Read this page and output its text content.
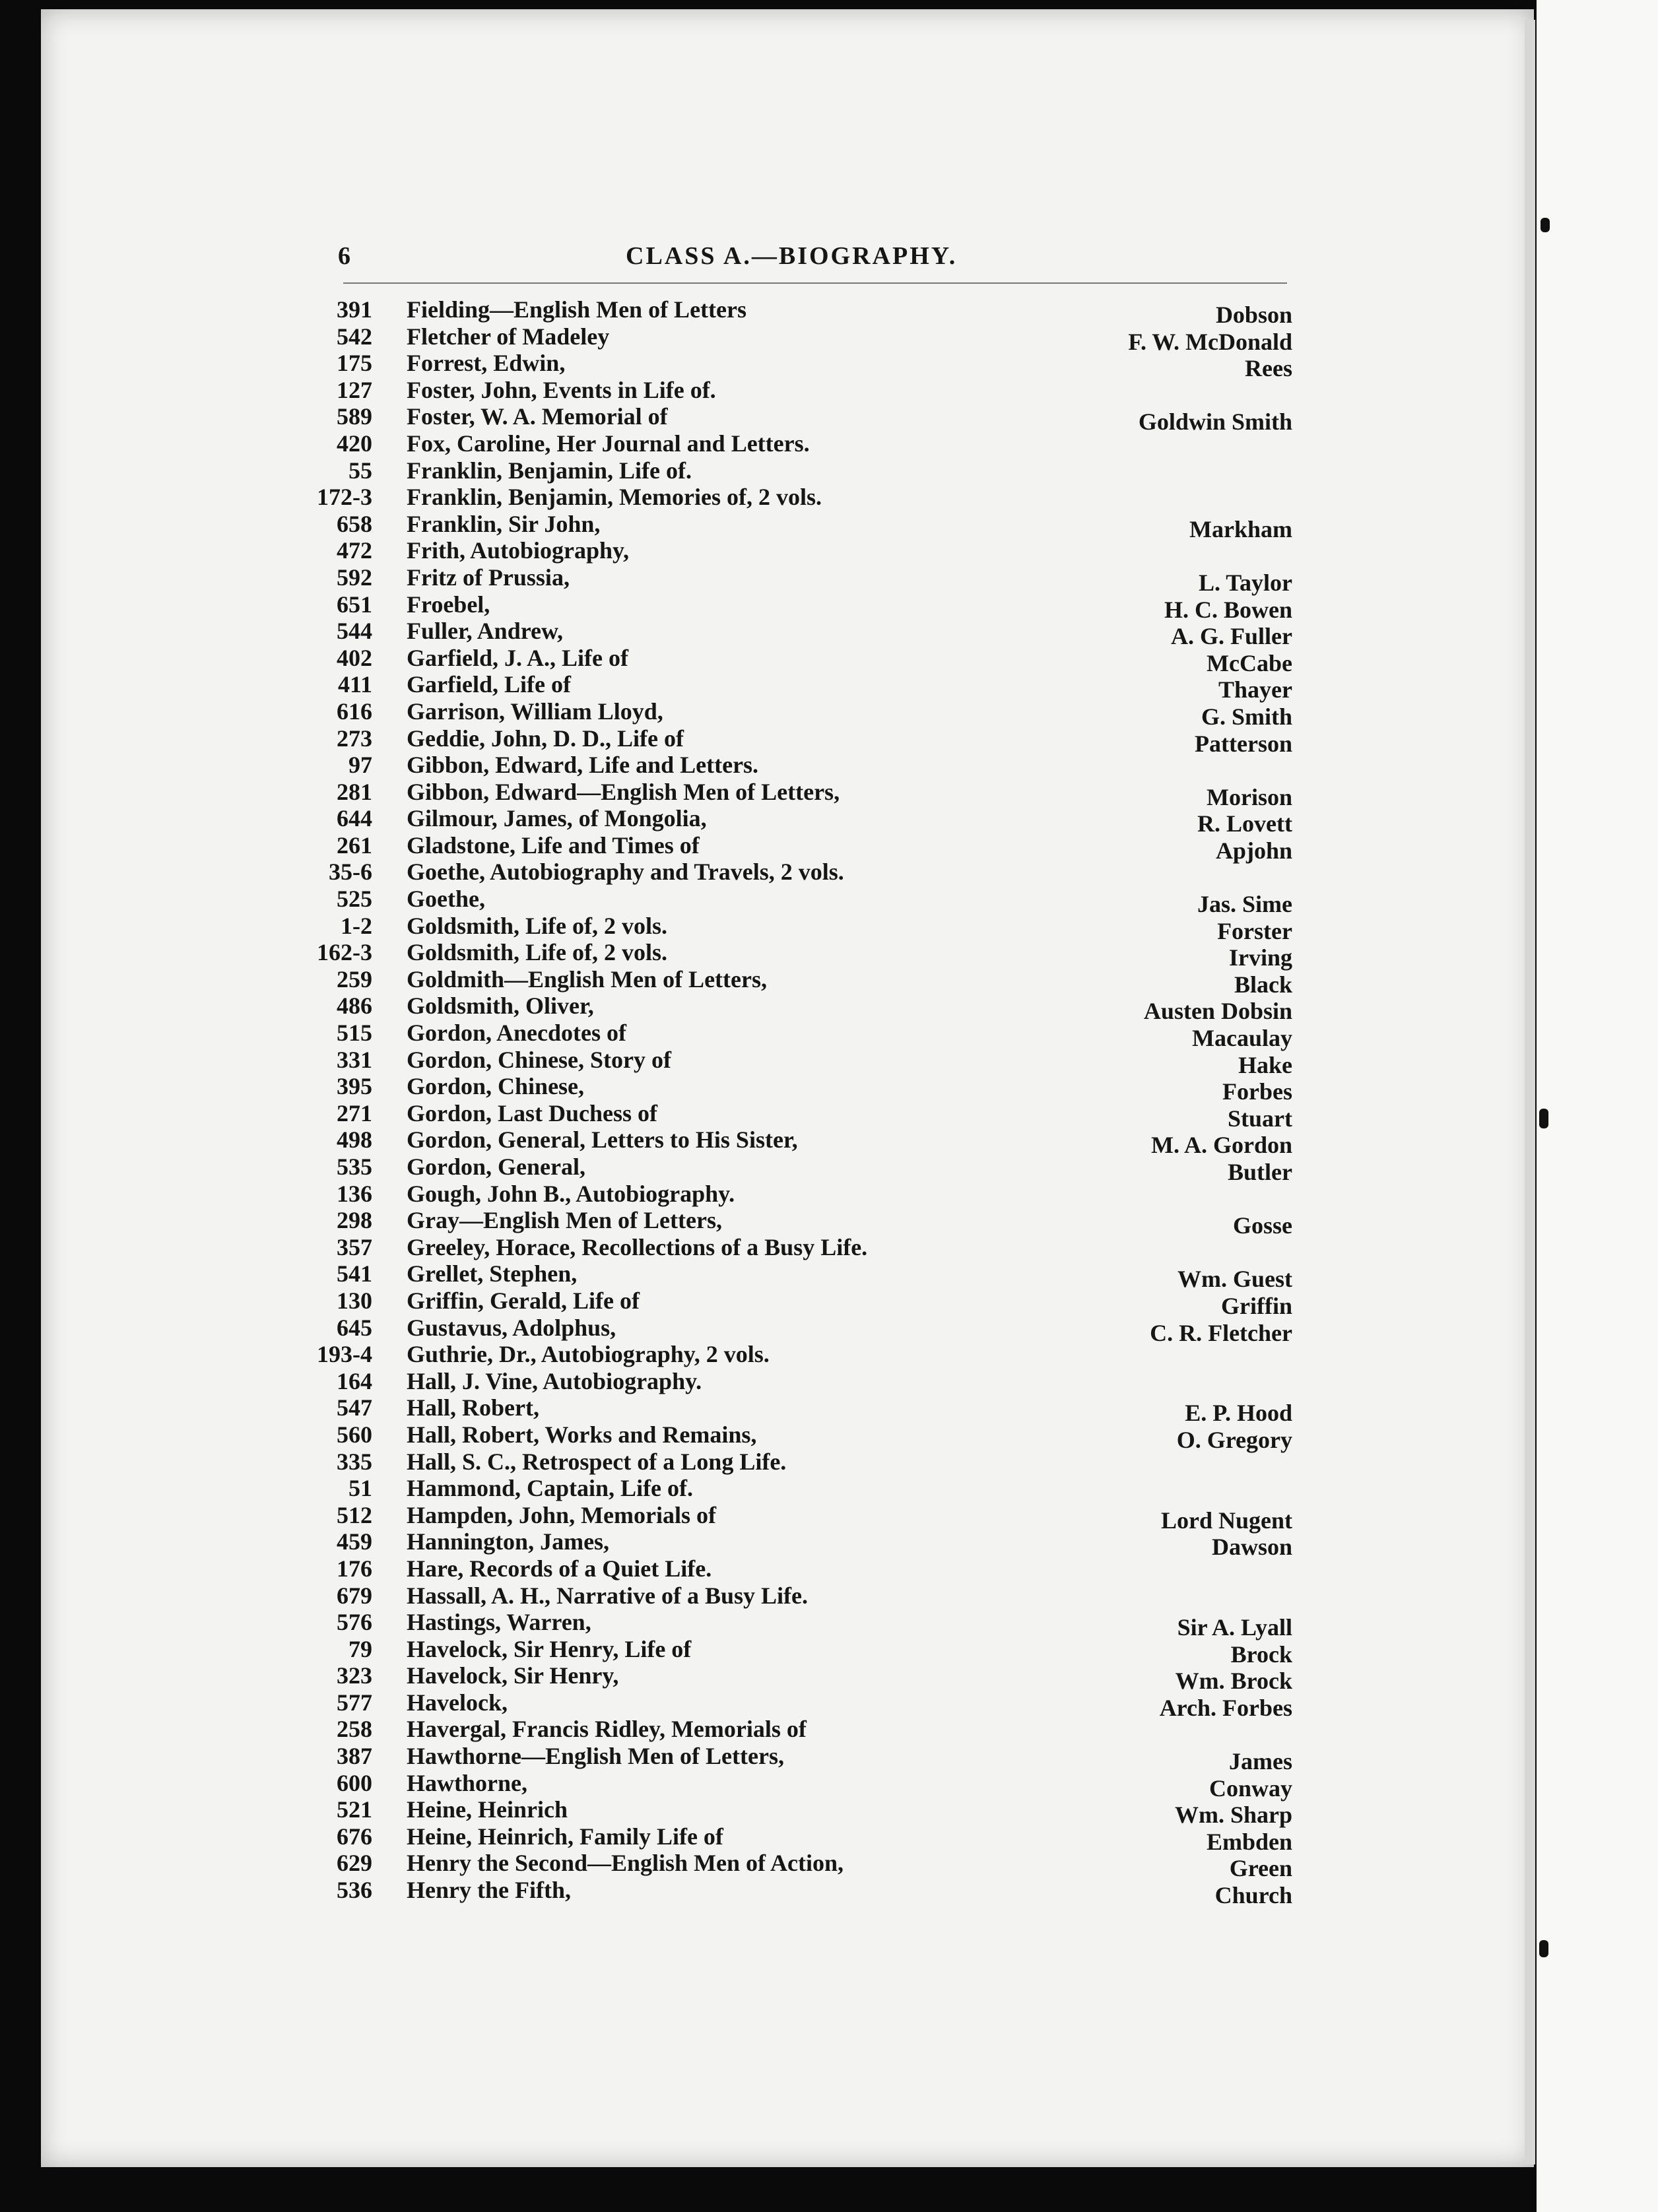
6	CLASS A.—BIOGRAPHY.
391 Fielding—English Men of Letters	Dobson
542 Fletcher of Madeley	F. W. McDonald
175 Forrest, Edwin,	Rees
127 Foster, John, Events in Life of.
589 Foster, W. A. Memorial of	Goldwin Smith
420 Fox, Caroline, Her Journal and Letters.
55 Franklin, Benjamin, Life of.
172-3 Franklin, Benjamin, Memories of, 2 vols.
658 Franklin, Sir John,	Markham
472 Frith, Autobiography,
592 Fritz of Prussia,	L. Taylor
651 Froebel,	H. C. Bowen
544 Fuller, Andrew,	A. G. Fuller
402 Garfield, J. A., Life of	McCabe
411 Garfield, Life of	Thayer
616 Garrison, William Lloyd,	G. Smith
273 Geddie, John, D. D., Life of	Patterson
97 Gibbon, Edward, Life and Letters.
281 Gibbon, Edward—English Men of Letters,	Morison
644 Gilmour, James, of Mongolia,	R. Lovett
261 Gladstone, Life and Times of	Apjohn
35-6 Goethe, Autobiography and Travels, 2 vols.
525 Goethe,	Jas. Sime
1-2 Goldsmith, Life of, 2 vols.	Forster
162-3 Goldsmith, Life of, 2 vols.	Irving
259 Goldmith—English Men of Letters,	Black
486 Goldsmith, Oliver,	Austen Dobsin
515 Gordon, Anecdotes of	Macaulay
331 Gordon, Chinese, Story of	Hake
395 Gordon, Chinese,	Forbes
271 Gordon, Last Duchess of	Stuart
498 Gordon, General, Letters to His Sister,	M. A. Gordon
535 Gordon, General,	Butler
136 Gough, John B., Autobiography.
298 Gray—English Men of Letters,	Gosse
357 Greeley, Horace, Recollections of a Busy Life.
541 Grellet, Stephen,	Wm. Guest
130 Griffin, Gerald, Life of	Griffin
645 Gustavus, Adolphus,	C. R. Fletcher
193-4 Guthrie, Dr., Autobiography, 2 vols.
164 Hall, J. Vine, Autobiography.
547 Hall, Robert,	E. P. Hood
560 Hall, Robert, Works and Remains,	O. Gregory
335 Hall, S. C., Retrospect of a Long Life.
51 Hammond, Captain, Life of.
512 Hampden, John, Memorials of	Lord Nugent
459 Hannington, James,	Dawson
176 Hare, Records of a Quiet Life.
679 Hassall, A. H., Narrative of a Busy Life.
576 Hastings, Warren,	Sir A. Lyall
79 Havelock, Sir Henry, Life of	Brock
323 Havelock, Sir Henry,	Wm. Brock
577 Havelock,	Arch. Forbes
258 Havergal, Francis Ridley, Memorials of
387 Hawthorne—English Men of Letters,	James
600 Hawthorne,	Conway
521 Heine, Heinrich	Wm. Sharp
676 Heine, Heinrich, Family Life of	Embden
629 Henry the Second—English Men of Action,	Green
536 Henry the Fifth,	Church
